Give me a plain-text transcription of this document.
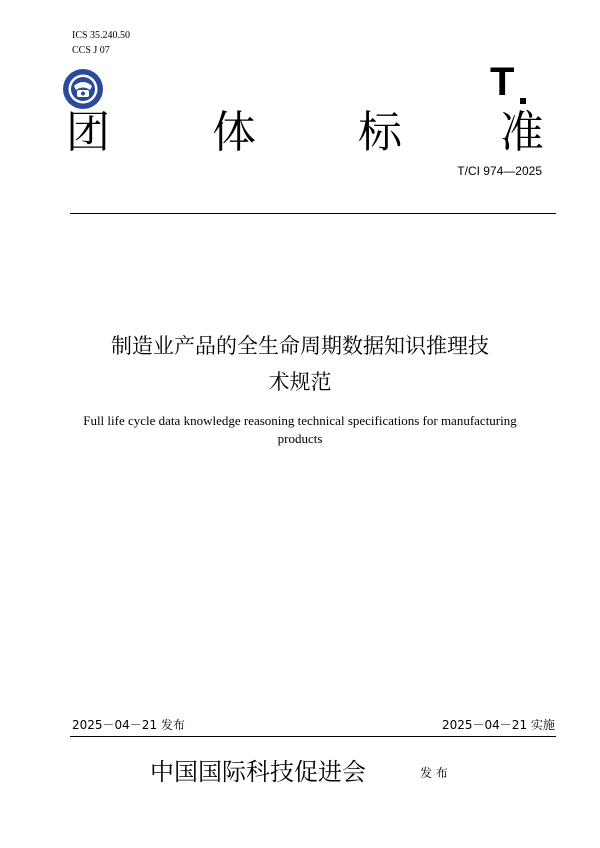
ICS 35.240.50
CCS J 07
T
团 体 标 准
T/CI 974—2025
制造业产品的全生命周期数据知识推理技
术规范
Full life cycle data knowledge reasoning technical specifications for manufacturing
products
2025－04－21 发布	2025－04－21 实施
中国国际科技促进会	发 布
